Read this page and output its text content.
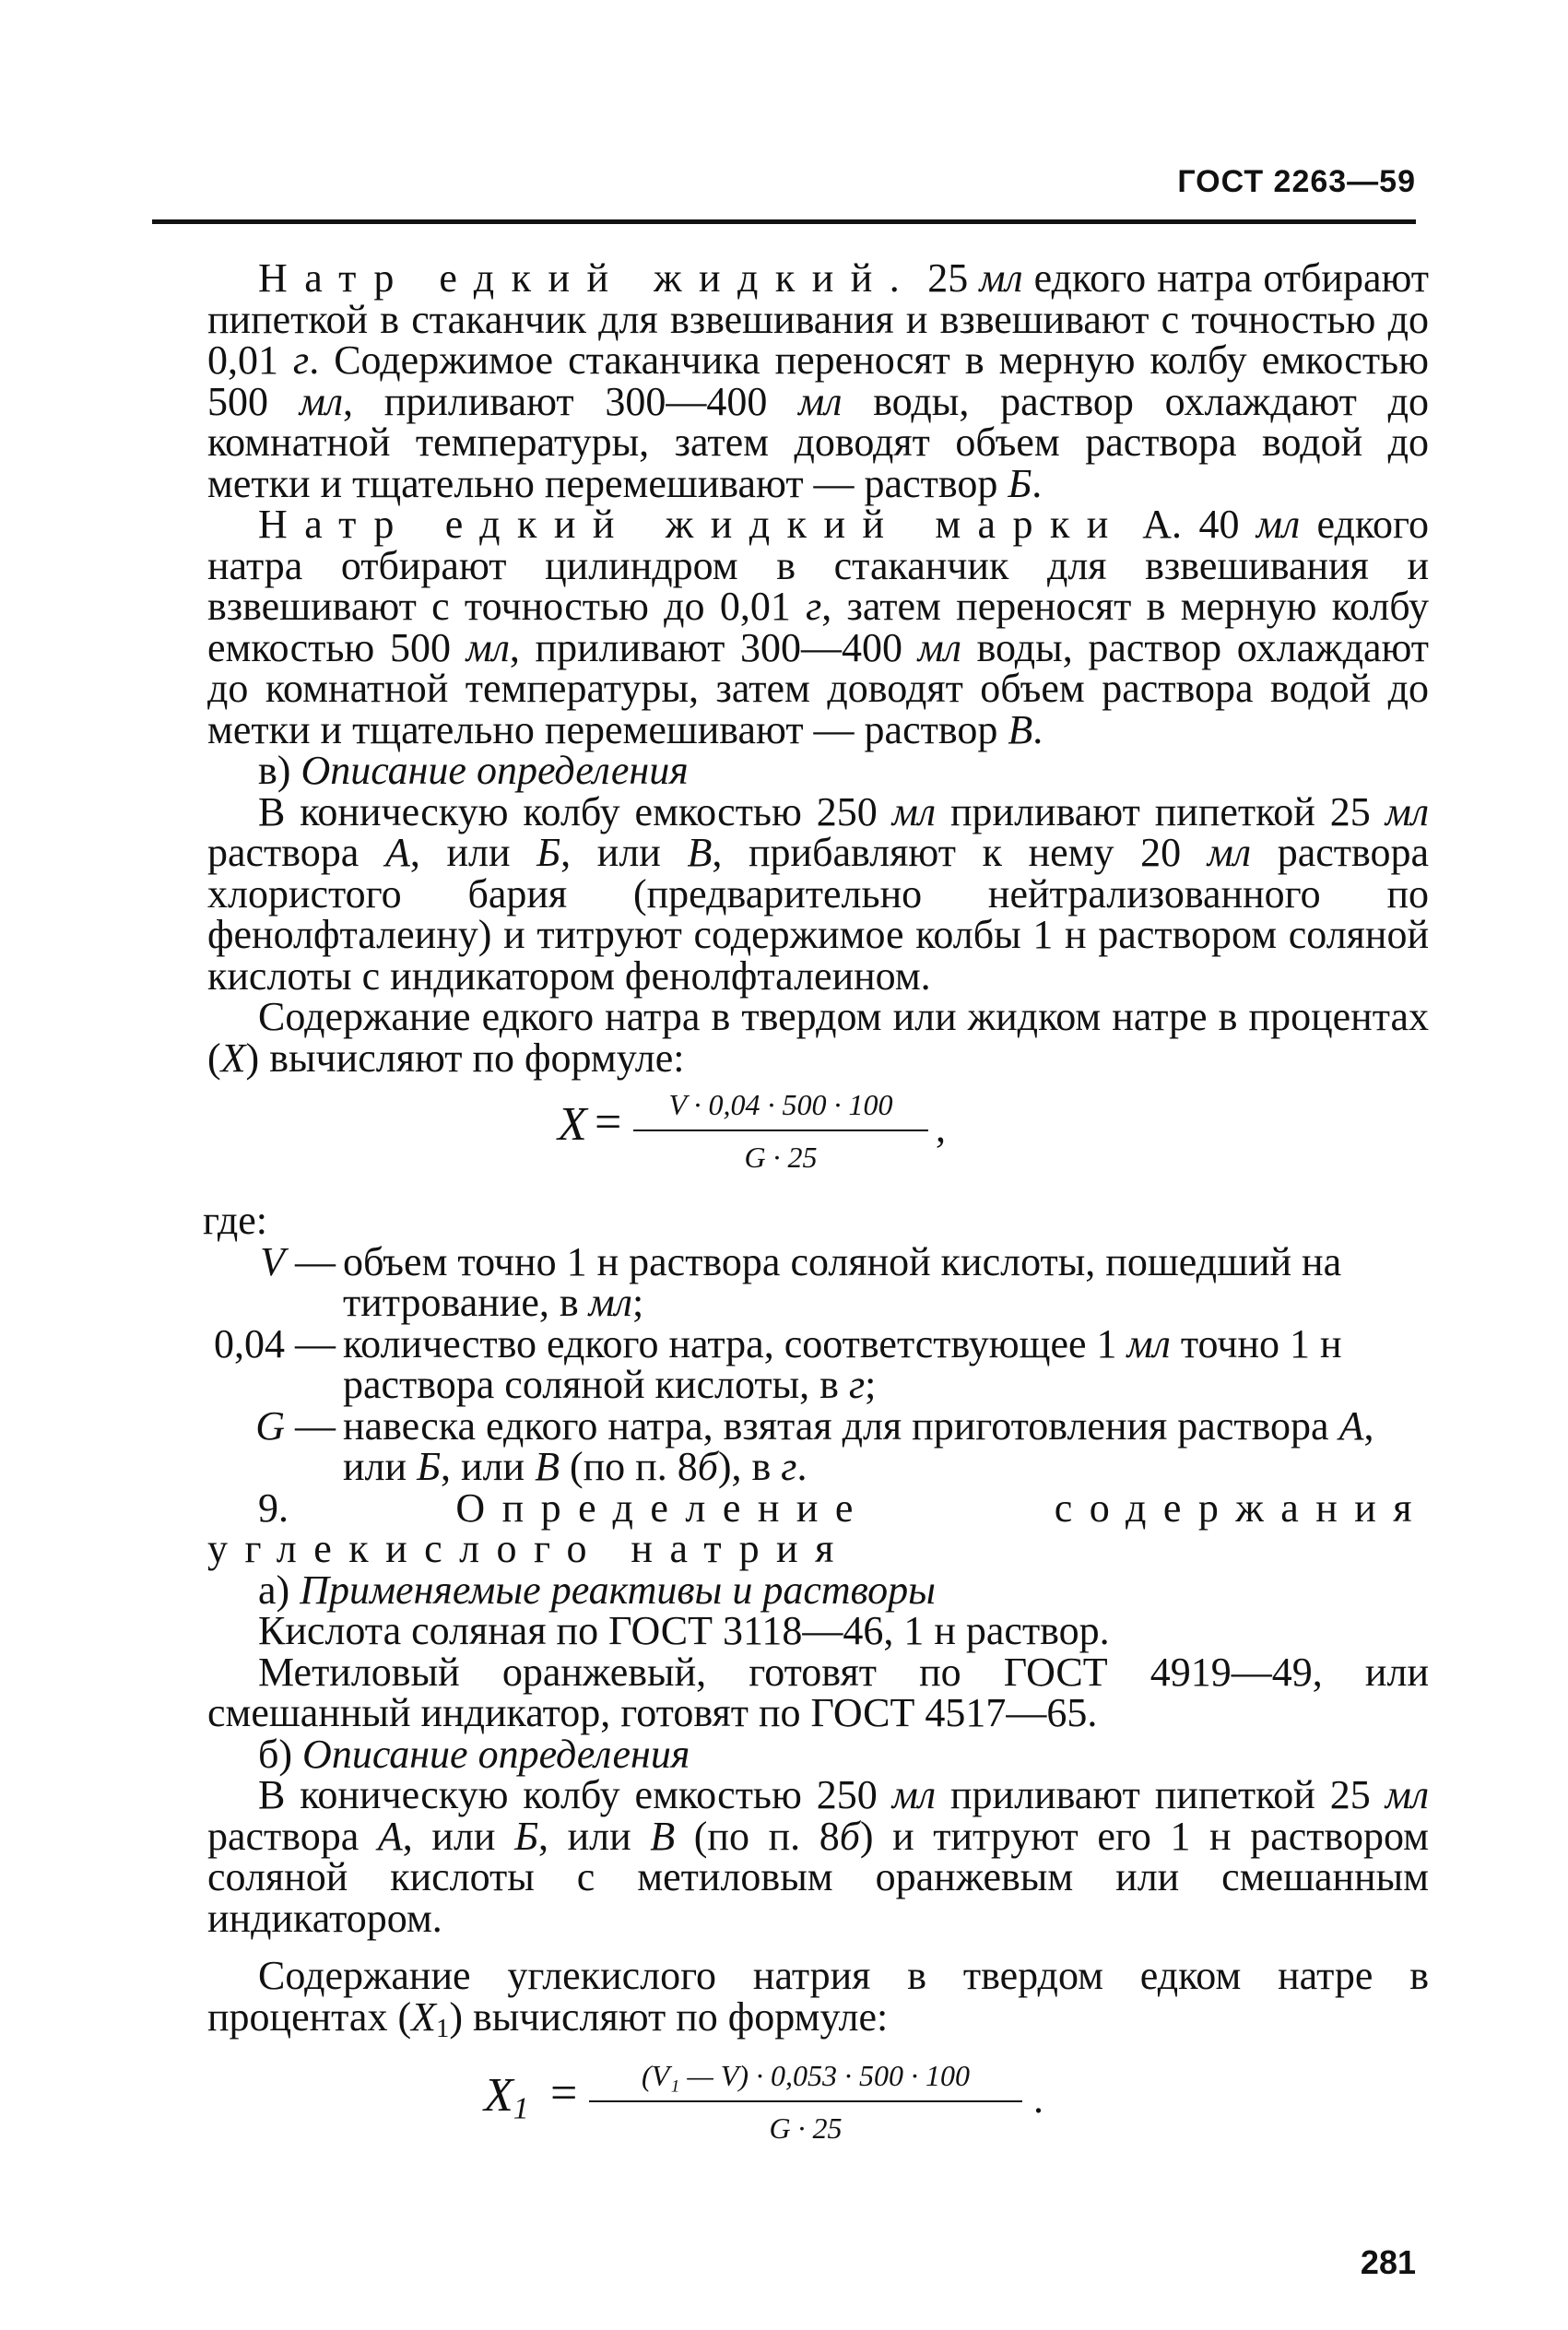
ГОСТ 2263—59

Натр едкий жидкий. 25 мл едкого натра отбирают пипеткой в стаканчик для взвешивания и взвешивают с точностью до 0,01 г. Содержимое стаканчика переносят в мерную колбу емкостью 500 мл, приливают 300—400 мл воды, раствор охлаждают до комнатной температуры, затем доводят объем раствора водой до метки и тщательно перемешивают — раствор Б.

Натр едкий жидкий марки А. 40 мл едкого натра отбирают цилиндром в стаканчик для взвешивания и взвешивают с точностью до 0,01 г, затем переносят в мерную колбу емкостью 500 мл, приливают 300—400 мл воды, раствор охлаждают до комнатной температуры, затем доводят объем раствора водой до метки и тщательно перемешивают — раствор В.

в) Описание определения

В коническую колбу емкостью 250 мл приливают пипеткой 25 мл раствора А, или Б, или В, прибавляют к нему 20 мл раствора хлористого бария (предварительно нейтрализованного по фенолфталеину) и титруют содержимое колбы 1 н раствором соляной кислоты с индикатором фенолфталеином.

Содержание едкого натра в твердом или жидком натре в процентах (X) вычисляют по формуле:

X =	V · 0,04 · 500 · 100
G · 25
,

где:

V — объем точно 1 н раствора соляной кислоты, пошедший на титрование, в мл;
0,04 — количество едкого натра, соответствующее 1 мл точно 1 н раствора соляной кислоты, в г;
G — навеска едкого натра, взятая для приготовления раствора А, или Б, или В (по п. 8б), в г.

9.	Определение содержания углекислого натрия

а) Применяемые реактивы и растворы

Кислота соляная по ГОСТ 3118—46, 1 н раствор.

Метиловый оранжевый, готовят по ГОСТ 4919—49, или смешанный индикатор, готовят по ГОСТ 4517—65.

б) Описание определения

В коническую колбу емкостью 250 мл приливают пипеткой 25 мл раствора А, или Б, или В (по п. 8б) и титруют его 1 н раствором соляной кислоты с метиловым оранжевым или смешанным индикатором.

Содержание углекислого натрия в твердом едком натре в процентах $(X_1)$ вычисляют по формуле:

$X_1$ =	(V₁ — V) · 0,053 · 500 · 100
G · 25
.
281
